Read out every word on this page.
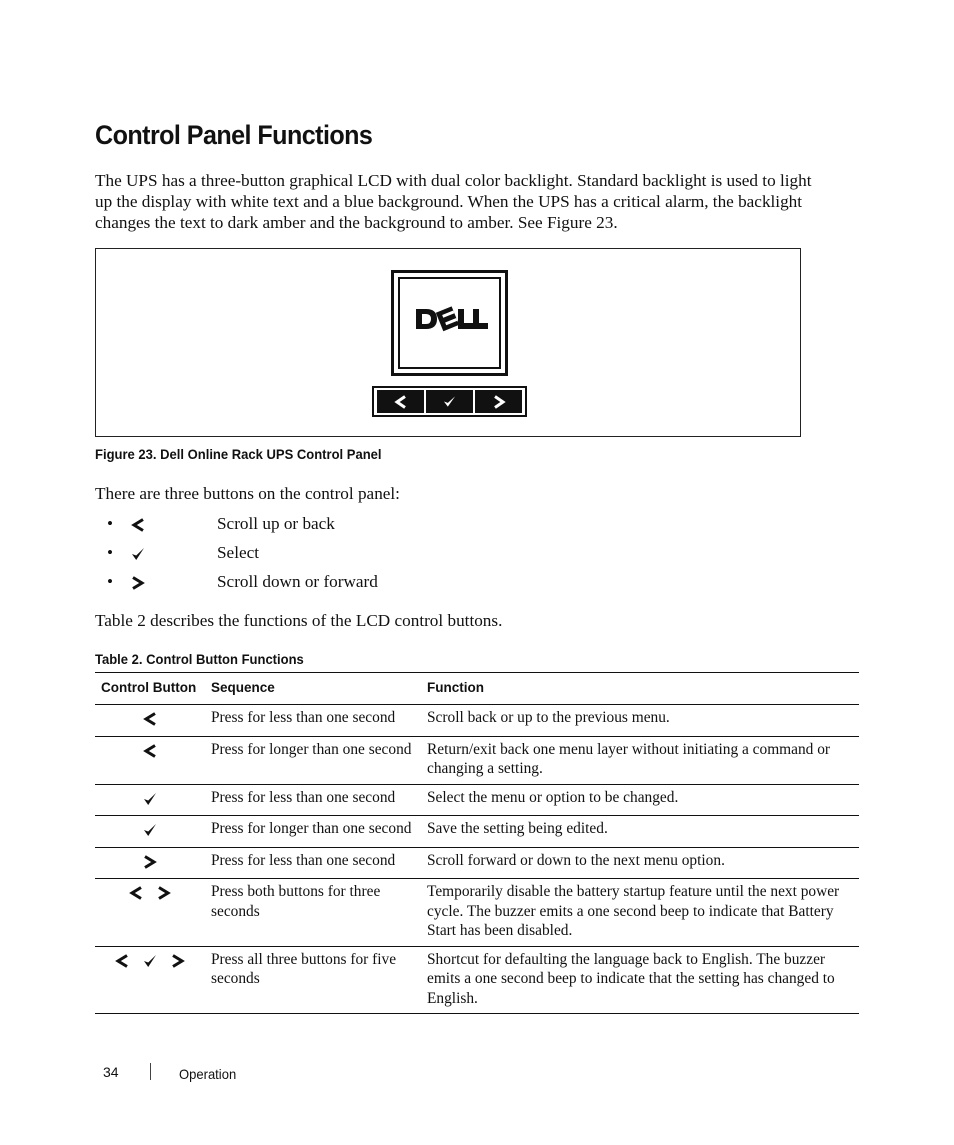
Control Panel Functions

The UPS has a three-button graphical LCD with dual color backlight. Standard backlight is used to light up the display with white text and a blue background. When the UPS has a critical alarm, the backlight changes the text to dark amber and the background to amber. See Figure 23.

Figure 23. Dell Online Rack UPS Control Panel

There are three buttons on the control panel:

•	Scroll up or back
•	Select
•	Scroll down or forward

Table 2 describes the functions of the LCD control buttons.

Table 2. Control Button Functions

Control Button	Sequence	Function
	Press for less than one second	Scroll back or up to the previous menu.
	Press for longer than one second	Return/exit back one menu layer without initiating a command or changing a setting.
	Press for less than one second	Select the menu or option to be changed.
	Press for longer than one second	Save the setting being edited.
	Press for less than one second	Scroll forward or down to the next menu option.
	Press both buttons for three seconds	Temporarily disable the battery startup feature until the next power cycle. The buzzer emits a one second beep to indicate that Battery Start has been disabled.
	Press all three buttons for five seconds	Shortcut for defaulting the language back to English. The buzzer emits a one second beep to indicate that the setting has changed to English.

34	Operation
